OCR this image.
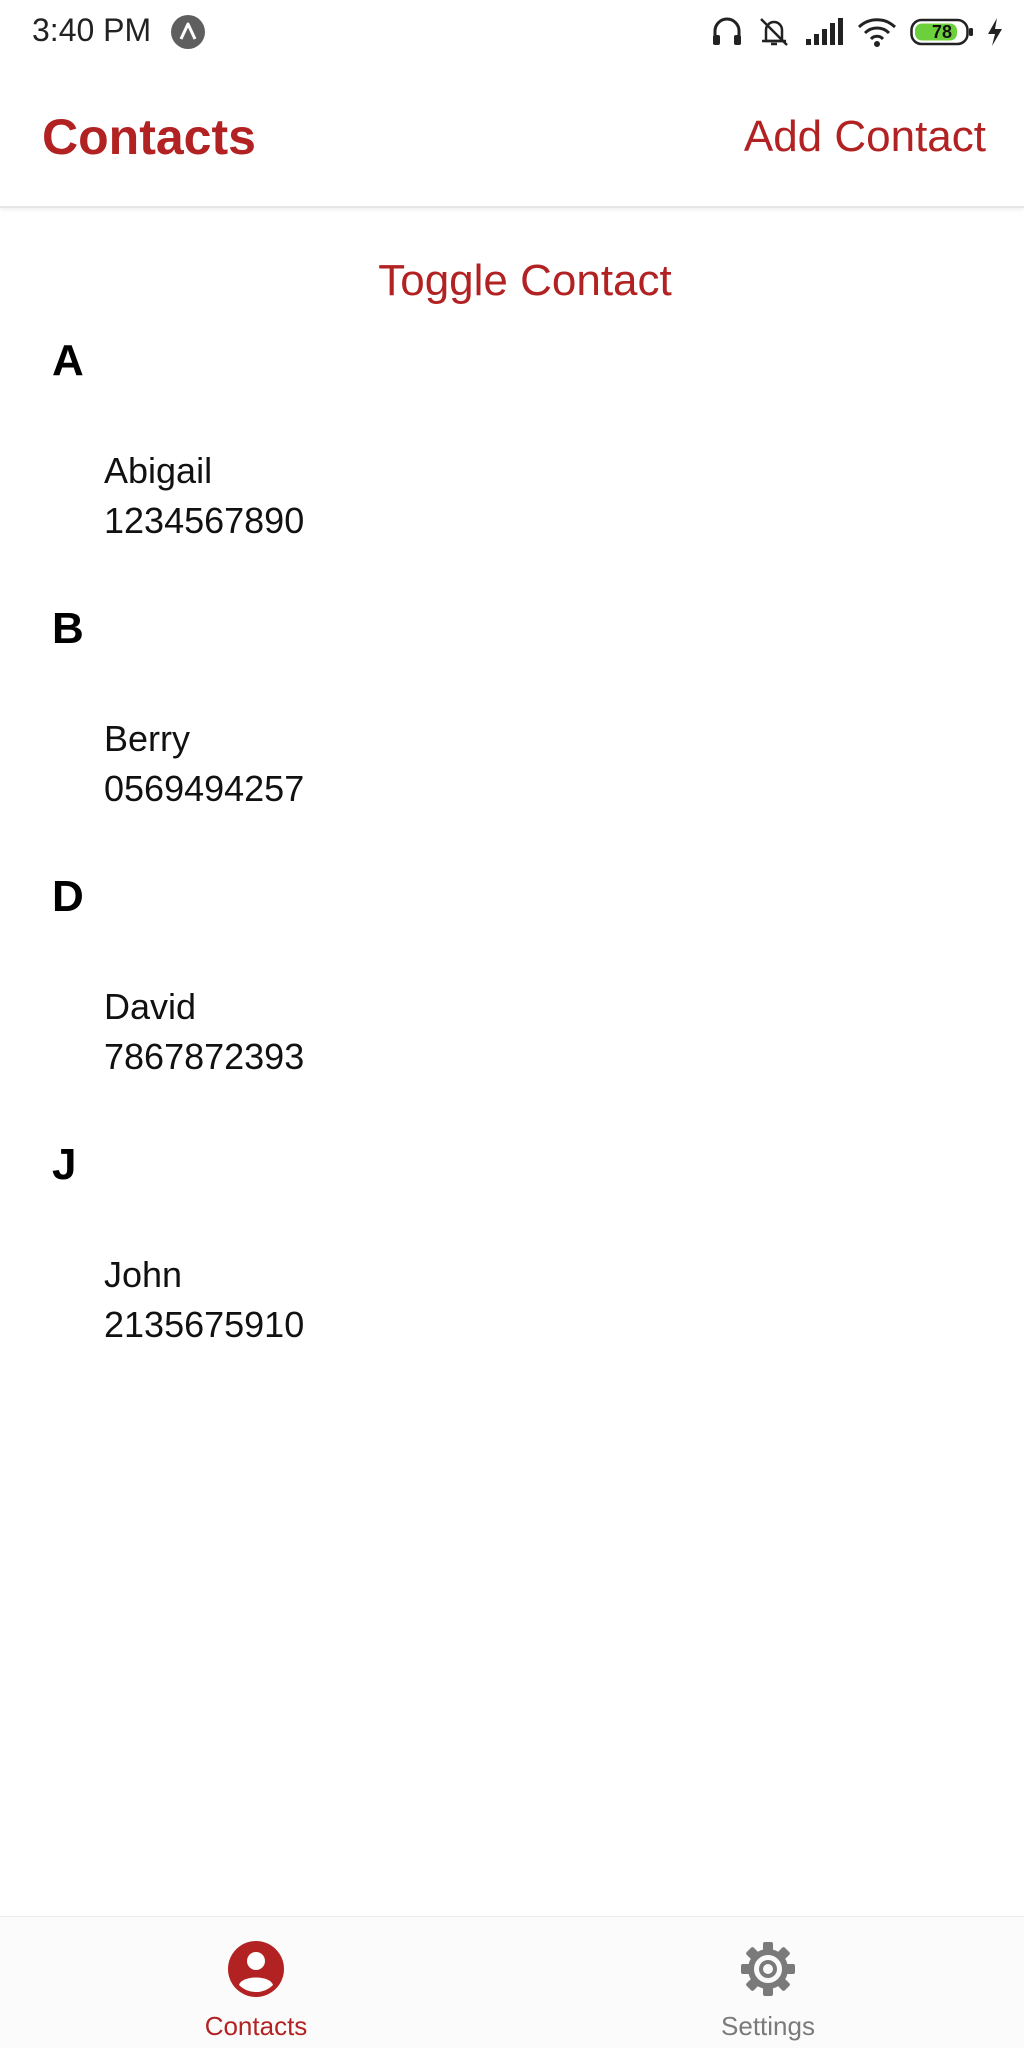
3:40 PM	78
Contacts	Add Contact
Toggle Contact
A
Abigail
1234567890
B
Berry
0569494257
D
David
7867872393
J
John
2135675910
Contacts	Settings
